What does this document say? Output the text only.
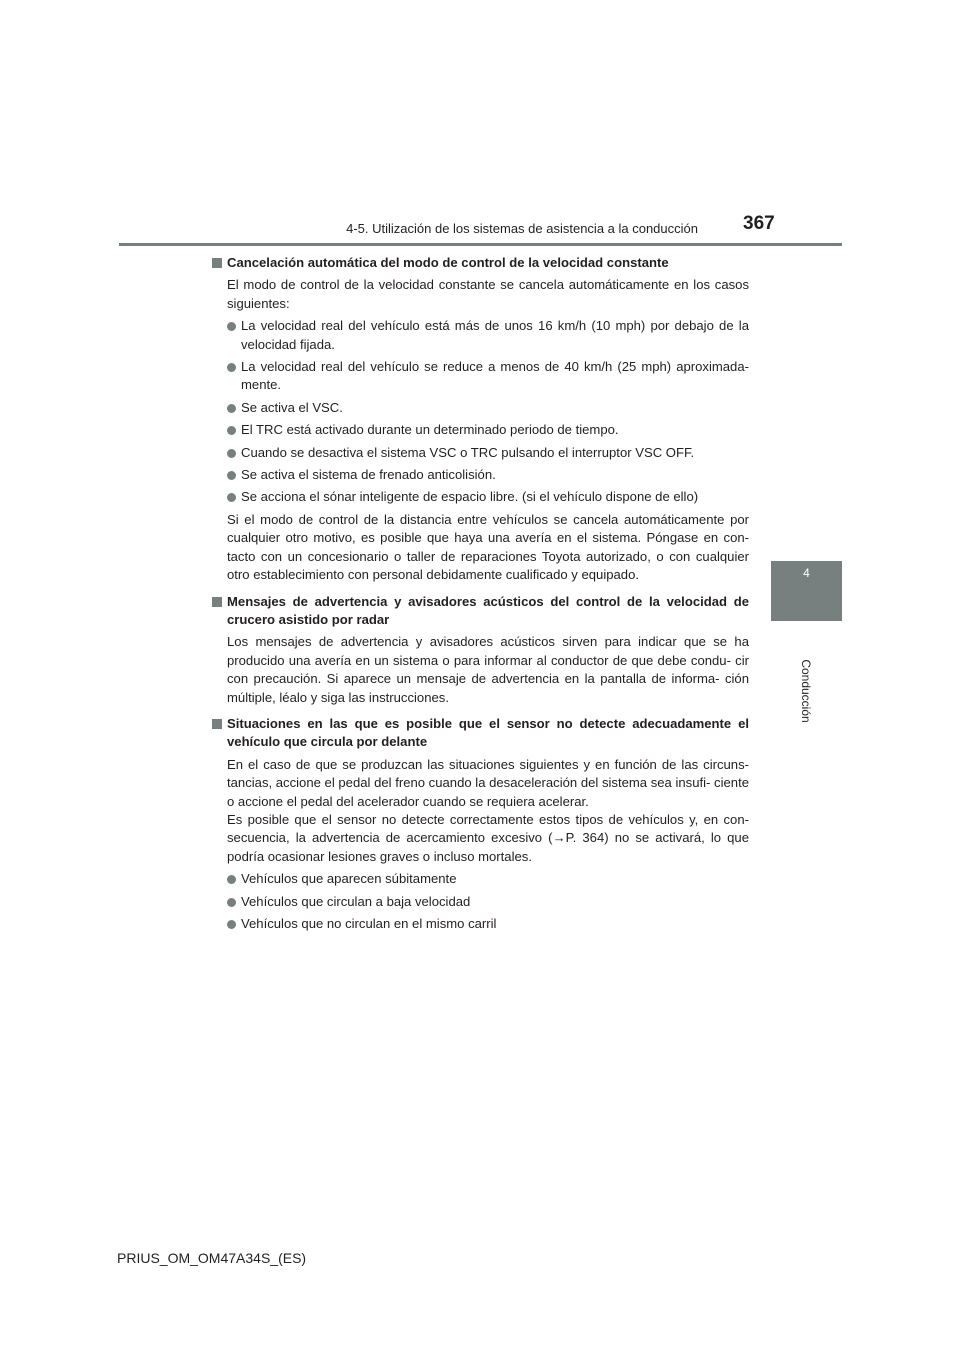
4-5. Utilización de los sistemas de asistencia a la conducción 367
4
Conducción
Cancelación automática del modo de control de la velocidad constante
El modo de control de la velocidad constante se cancela automáticamente en los casos siguientes:
La velocidad real del vehículo está más de unos 16 km/h (10 mph) por debajo de la velocidad fijada.
La velocidad real del vehículo se reduce a menos de 40 km/h (25 mph) aproximada- mente.
Se activa el VSC.
El TRC está activado durante un determinado periodo de tiempo.
Cuando se desactiva el sistema VSC o TRC pulsando el interruptor VSC OFF.
Se activa el sistema de frenado anticolisión.
Se acciona el sónar inteligente de espacio libre. (si el vehículo dispone de ello)
Si el modo de control de la distancia entre vehículos se cancela automáticamente por cualquier otro motivo, es posible que haya una avería en el sistema. Póngase en con- tacto con un concesionario o taller de reparaciones Toyota autorizado, o con cualquier otro establecimiento con personal debidamente cualificado y equipado.
Mensajes de advertencia y avisadores acústicos del control de la velocidad de crucero asistido por radar
Los mensajes de advertencia y avisadores acústicos sirven para indicar que se ha producido una avería en un sistema o para informar al conductor de que debe condu- cir con precaución. Si aparece un mensaje de advertencia en la pantalla de informa- ción múltiple, léalo y siga las instrucciones.
Situaciones en las que es posible que el sensor no detecte adecuadamente el vehículo que circula por delante
En el caso de que se produzcan las situaciones siguientes y en función de las circuns- tancias, accione el pedal del freno cuando la desaceleración del sistema sea insufi- ciente o accione el pedal del acelerador cuando se requiera acelerar.
Es posible que el sensor no detecte correctamente estos tipos de vehículos y, en con- secuencia, la advertencia de acercamiento excesivo (→P. 364) no se activará, lo que podría ocasionar lesiones graves o incluso mortales.
Vehículos que aparecen súbitamente
Vehículos que circulan a baja velocidad
Vehículos que no circulan en el mismo carril
PRIUS_OM_OM47A34S_(ES)
